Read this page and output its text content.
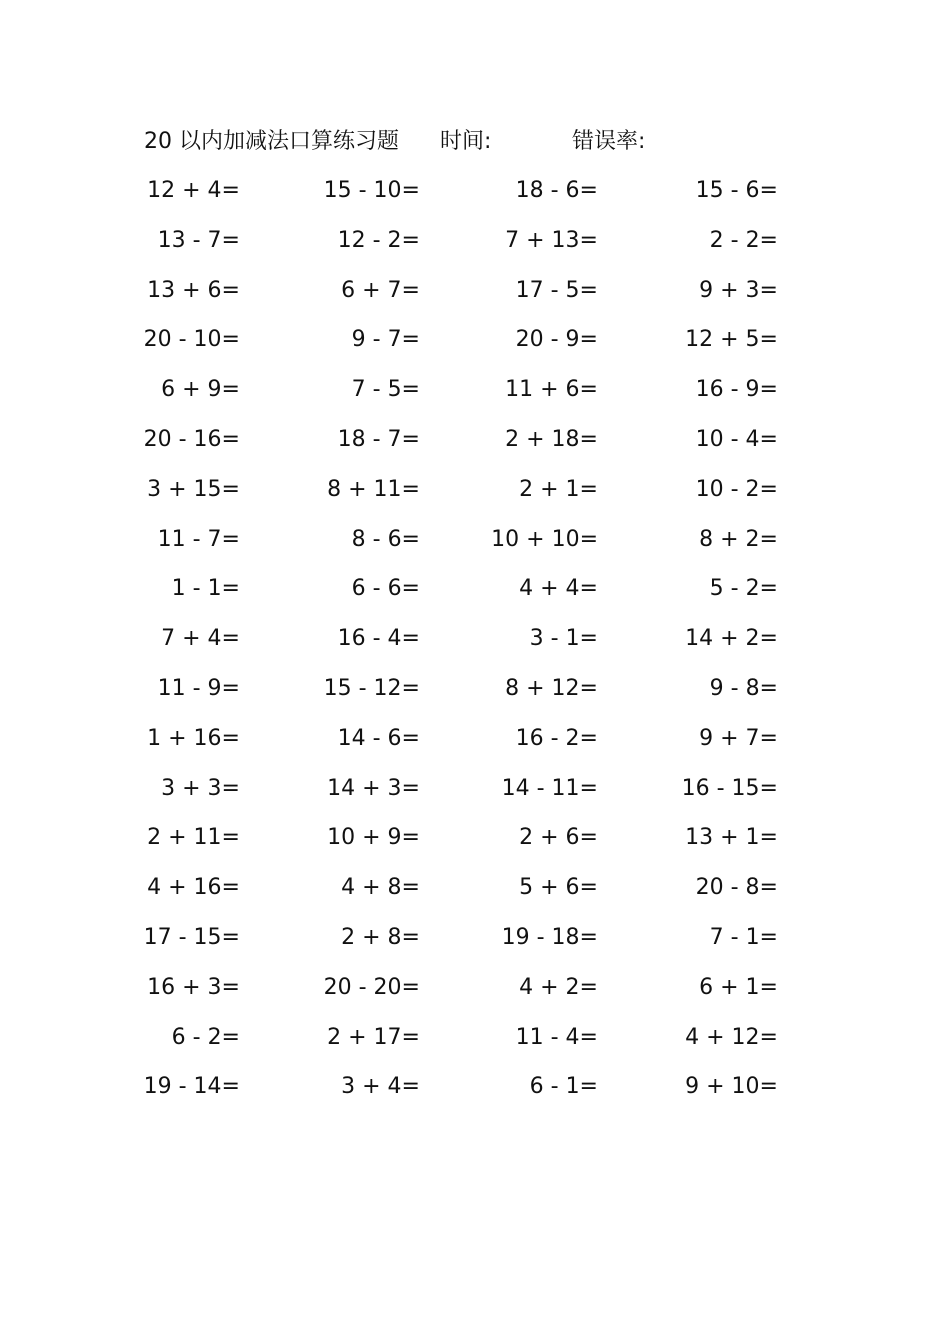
20 以内加减法口算练习题 时间:	错误率:
12 + 4=	15 - 10=	18 - 6=	15 - 6=
13 - 7=	12 - 2=	7 + 13=	2 - 2=
13 + 6=	6 + 7=	17 - 5=	9 + 3=
20 - 10=	9 - 7=	20 - 9=	12 + 5=
6 + 9=	7 - 5=	11 + 6=	16 - 9=
20 - 16=	18 - 7=	2 + 18=	10 - 4=
3 + 15=	8 + 11=	2 + 1=	10 - 2=
11 - 7=	8 - 6=	10 + 10=	8 + 2=
1 - 1=	6 - 6=	4 + 4=	5 - 2=
7 + 4=	16 - 4=	3 - 1=	14 + 2=
11 - 9=	15 - 12=	8 + 12=	9 - 8=
1 + 16=	14 - 6=	16 - 2=	9 + 7=
3 + 3=	14 + 3=	14 - 11=	16 - 15=
2 + 11=	10 + 9=	2 + 6=	13 + 1=
4 + 16=	4 + 8=	5 + 6=	20 - 8=
17 - 15=	2 + 8=	19 - 18=	7 - 1=
16 + 3=	20 - 20=	4 + 2=	6 + 1=
6 - 2=	2 + 17=	11 - 4=	4 + 12=
19 - 14=	3 + 4=	6 - 1=	9 + 10=
